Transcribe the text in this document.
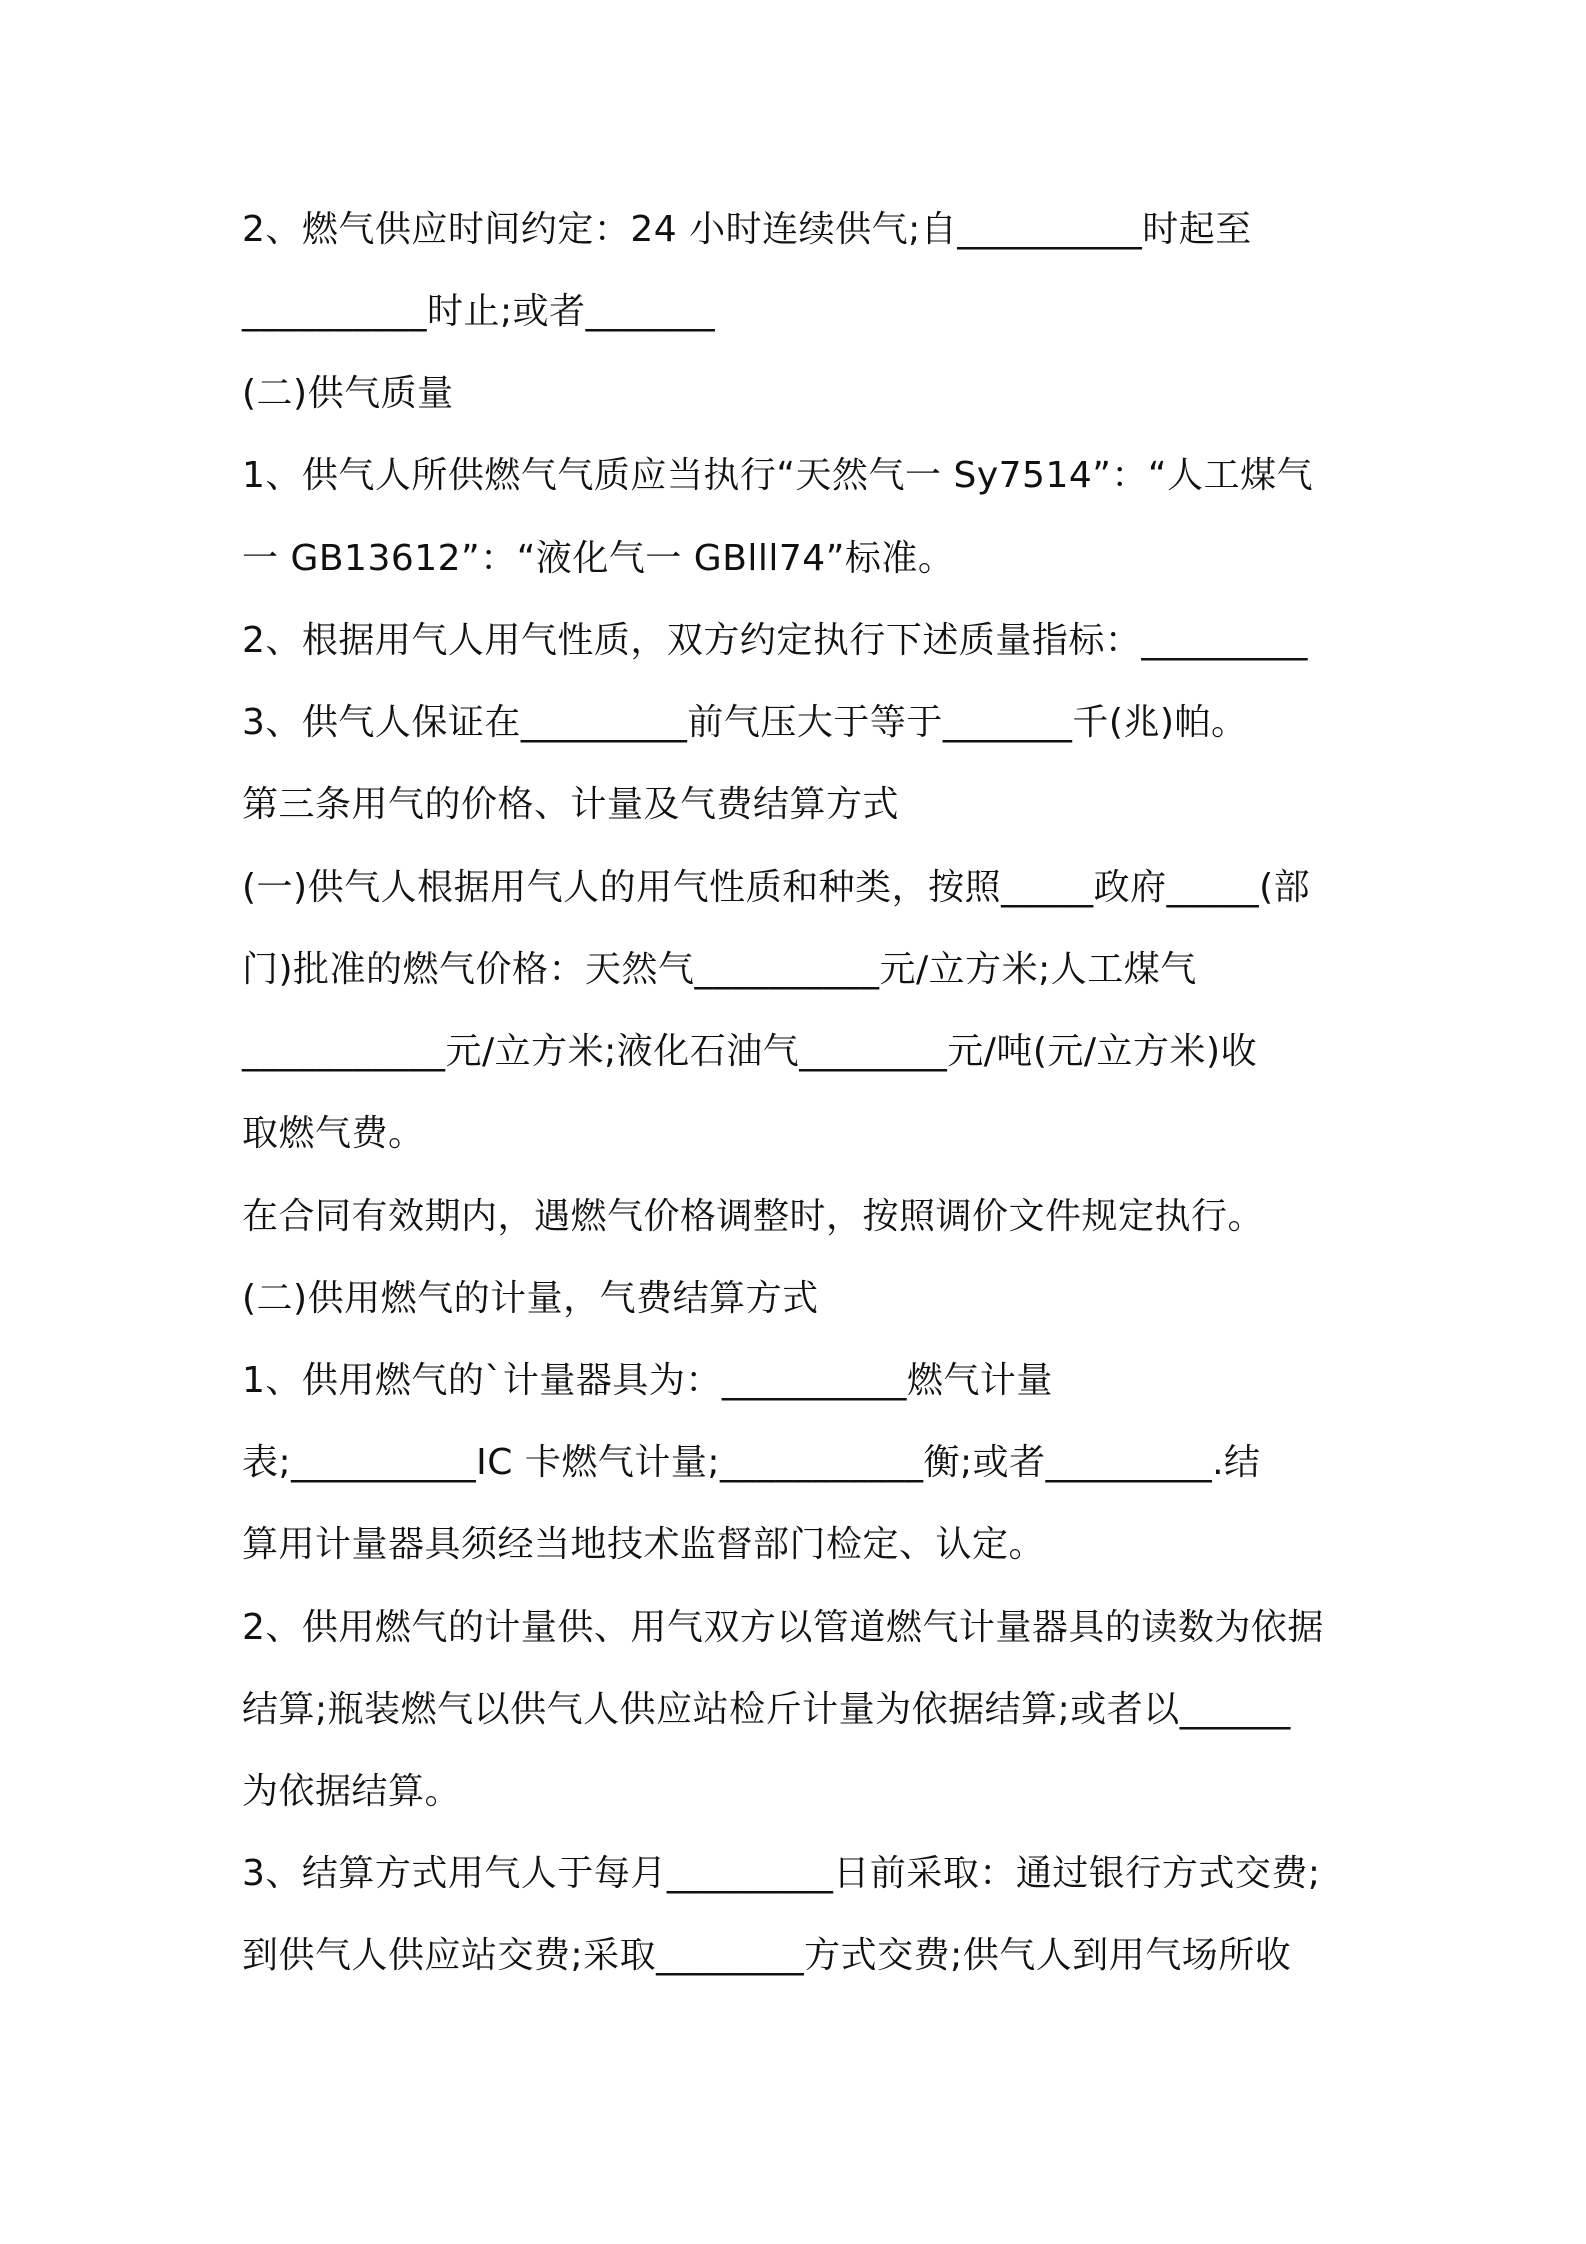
2、燃气供应时间约定：24 小时连续供气;自__________时起至

__________时止;或者_______

(二)供气质量

1、供气人所供燃气气质应当执行“天然气一 Sy7514”：“人工煤气

一 GB13612”：“液化气一 GBlll74”标准。

2、根据用气人用气性质，双方约定执行下述质量指标：_________

3、供气人保证在_________前气压大于等于_______千(兆)帕。

第三条用气的价格、计量及气费结算方式

(一)供气人根据用气人的用气性质和种类，按照_____政府_____(部

门)批准的燃气价格：天然气__________元/立方米;人工煤气

___________元/立方米;液化石油气________元/吨(元/立方米)收

取燃气费。

在合同有效期内，遇燃气价格调整时，按照调价文件规定执行。

(二)供用燃气的计量，气费结算方式

1、供用燃气的`计量器具为：__________燃气计量

表;__________IC 卡燃气计量;___________衡;或者_________.结

算用计量器具须经当地技术监督部门检定、认定。

2、供用燃气的计量供、用气双方以管道燃气计量器具的读数为依据

结算;瓶装燃气以供气人供应站检斤计量为依据结算;或者以______

为依据结算。

3、结算方式用气人于每月_________日前采取：通过银行方式交费;

到供气人供应站交费;采取________方式交费;供气人到用气场所收
